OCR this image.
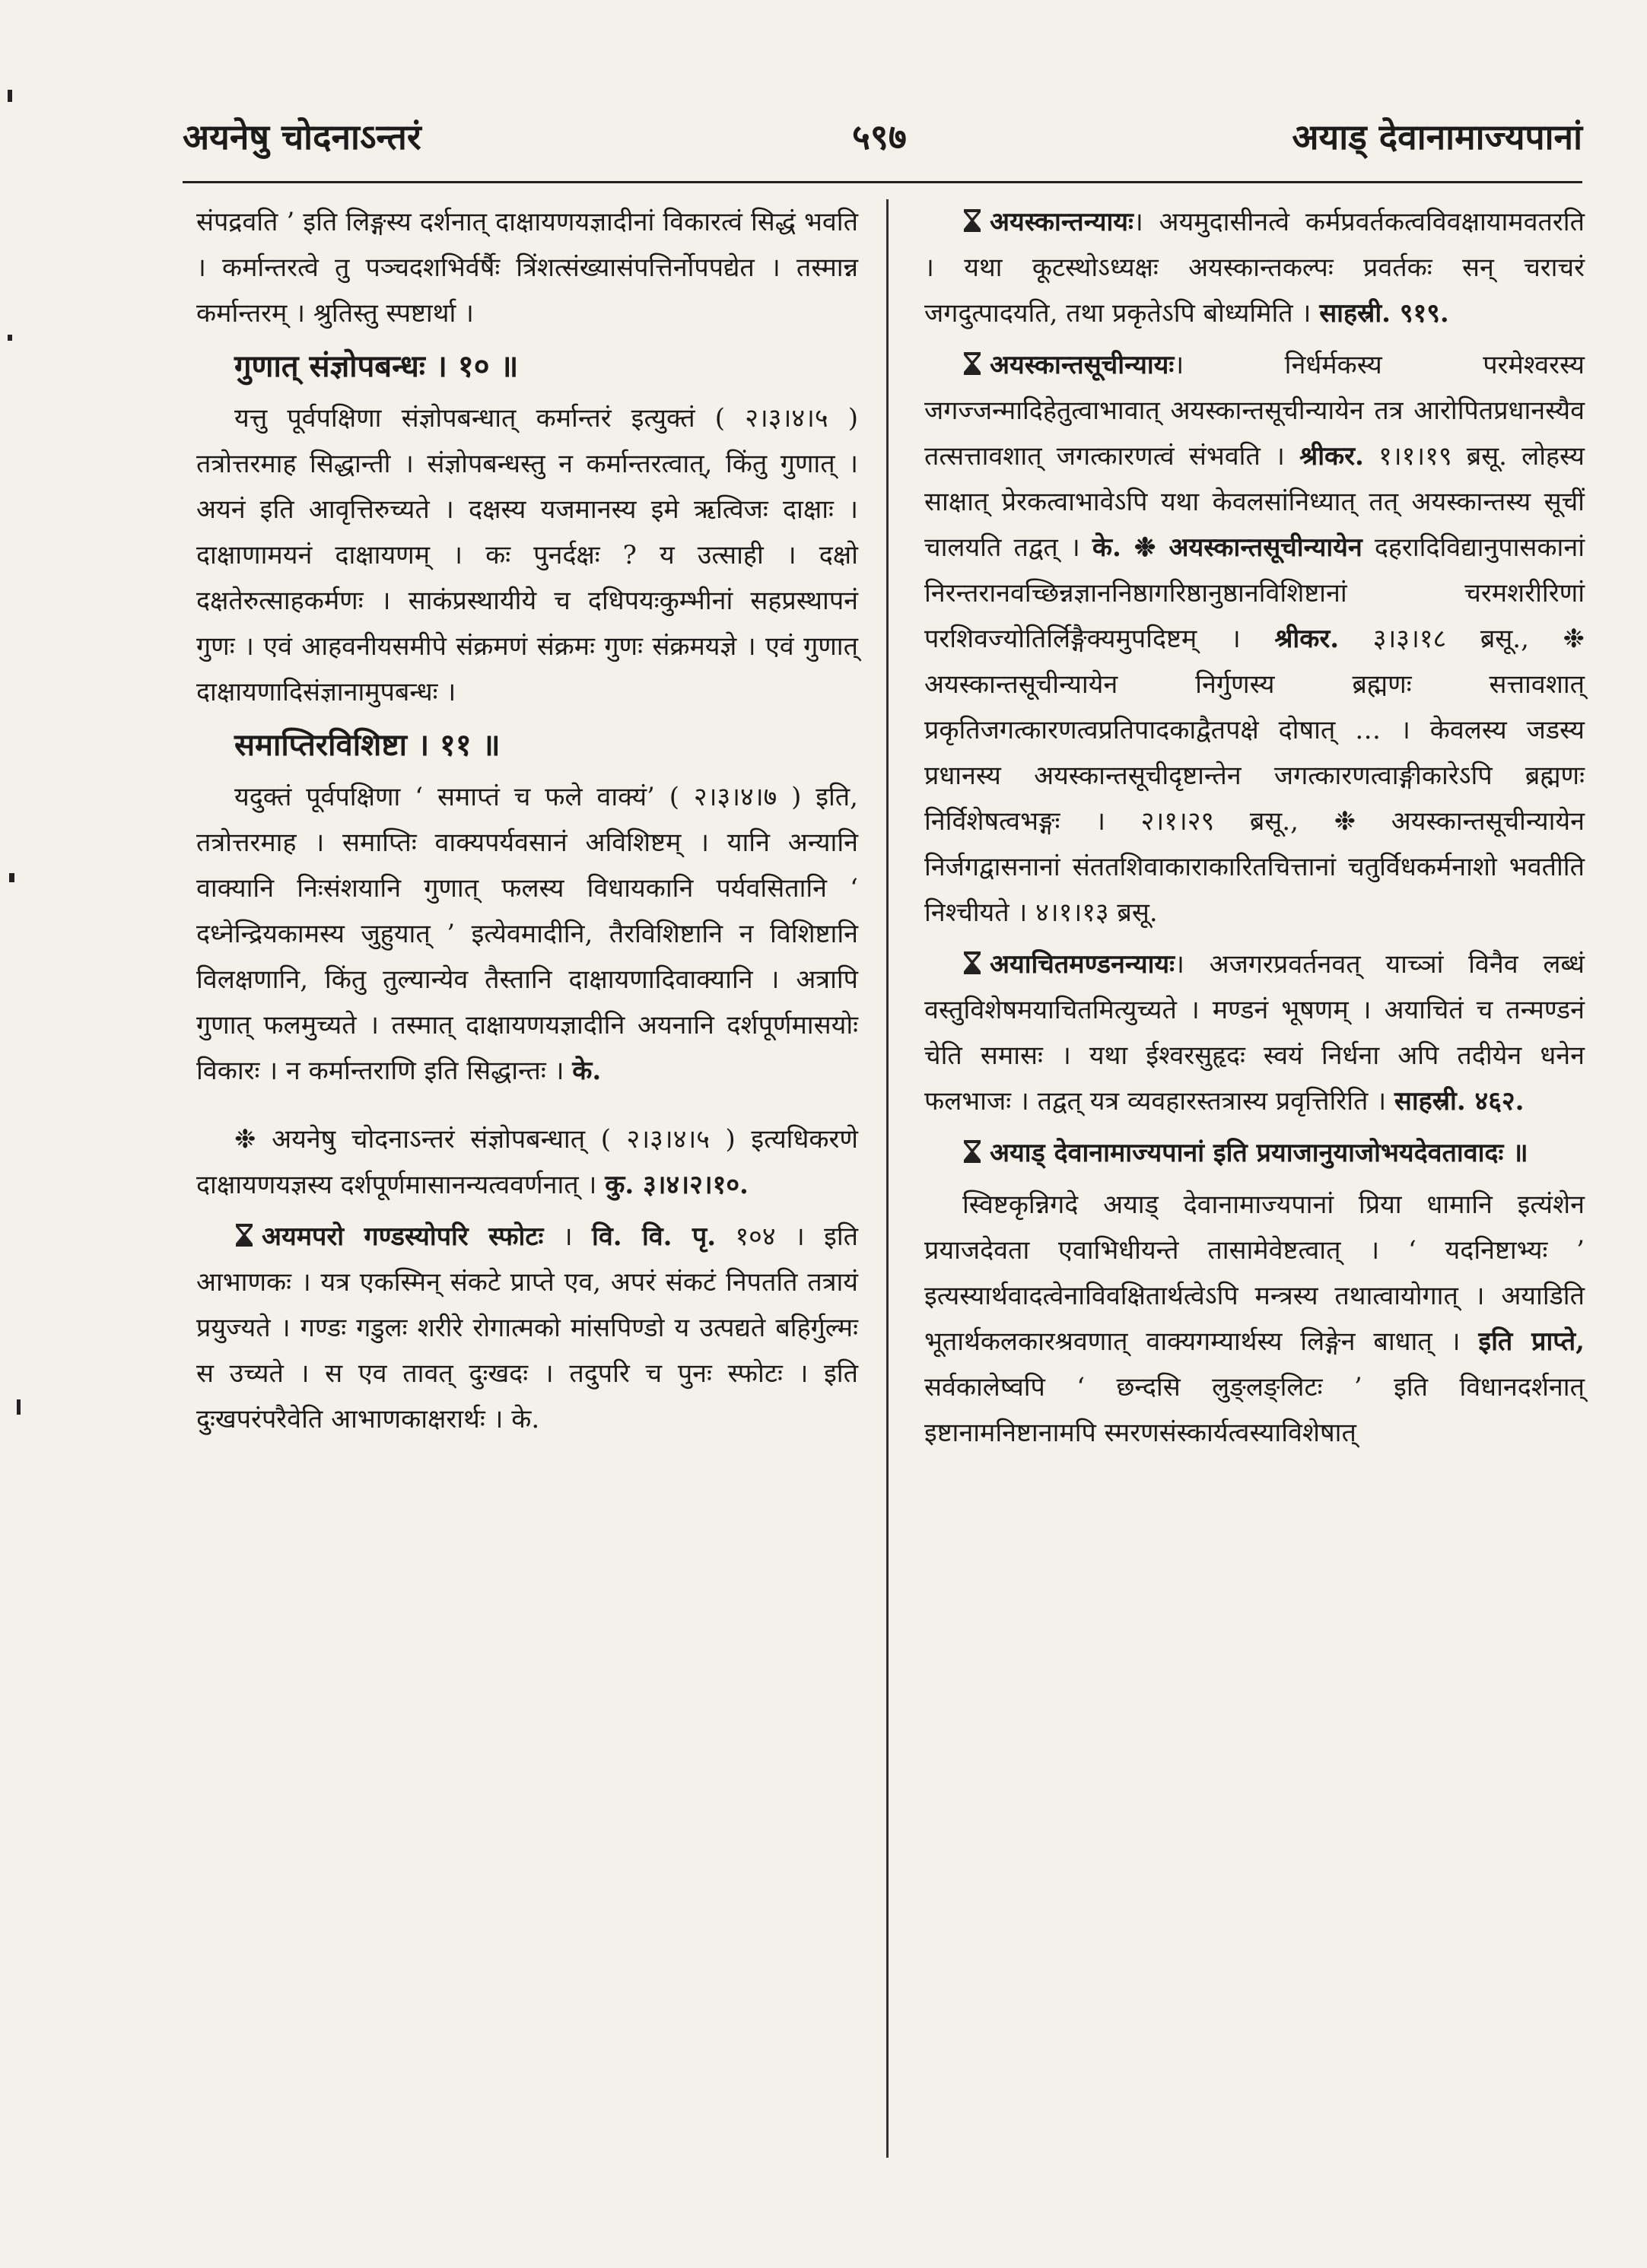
अयनेषु चोदनाऽन्तरं	५९७	अयाड् देवानामाज्यपानां

संपद्रवति ’ इति लिङ्गस्य दर्शनात् दाक्षायणयज्ञादीनां विकारत्वं सिद्धं भवति । कर्मान्तरत्वे तु पञ्चदशभिर्वर्षैः त्रिंशत्संख्यासंपत्तिर्नोपपद्येत । तस्मान्न कर्मान्तरम् । श्रुतिस्तु स्पष्टार्था ।

गुणात् संज्ञोपबन्धः । १० ॥

यत्तु पूर्वपक्षिणा संज्ञोपबन्धात् कर्मान्तरं इत्युक्तं ( २।३।४।५ ) तत्रोत्तरमाह सिद्धान्ती । संज्ञोपबन्धस्तु न कर्मान्तरत्वात्, किंतु गुणात् । अयनं इति आवृत्तिरुच्यते । दक्षस्य यजमानस्य इमे ऋत्विजः दाक्षाः । दाक्षाणामयनं दाक्षायणम् । कः पुनर्दक्षः ? य उत्साही । दक्षो दक्षतेरुत्साहकर्मणः । साकंप्रस्थायीये च दधिपयःकुम्भीनां सहप्रस्थापनं गुणः । एवं आहवनीयसमीपे संक्रमणं संक्रमः गुणः संक्रमयज्ञे । एवं गुणात् दाक्षायणादिसंज्ञानामुपबन्धः ।

समाप्तिरविशिष्टा । ११ ॥

यदुक्तं पूर्वपक्षिणा ‘ समाप्तं च फले वाक्यं’ ( २।३।४।७ ) इति, तत्रोत्तरमाह । समाप्तिः वाक्यपर्यवसानं अविशिष्टम् । यानि अन्यानि वाक्यानि निःसंशयानि गुणात् फलस्य विधायकानि पर्यवसितानि ‘ दध्नेन्द्रियकामस्य जुहुयात् ’ इत्येवमादीनि, तैरविशिष्टानि न विशिष्टानि विलक्षणानि, किंतु तुल्यान्येव तैस्तानि दाक्षायणादिवाक्यानि । अत्रापि गुणात् फलमुच्यते । तस्मात् दाक्षायणयज्ञादीनि अयनानि दर्शपूर्णमासयोः विकारः । न कर्मान्तराणि इति सिद्धान्तः । के.

❉ अयनेषु चोदनाऽन्तरं संज्ञोपबन्धात् ( २।३।४।५ ) इत्यधिकरणे दाक्षायणयज्ञस्य दर्शपूर्णमासानन्यत्ववर्णनात् । कु. ३।४।२।१०.

अयमपरो गण्डस्योपरि स्फोटः । वि. वि. पृ. १०४ । इति आभाणकः । यत्र एकस्मिन् संकटे प्राप्ते एव, अपरं संकटं निपतति तत्रायं प्रयुज्यते । गण्डः गडुलः शरीरे रोगात्मको मांसपिण्डो य उत्पद्यते बहिर्गुल्मः स उच्यते । स एव तावत् दुःखदः । तदुपरि च पुनः स्फोटः । इति दुःखपरंपरैवेति आभाणकाक्षरार्थः । के.

अयस्कान्तन्यायः। अयमुदासीनत्वे कर्मप्रवर्तकत्वविवक्षायामवतरति । यथा कूटस्थोऽध्यक्षः अयस्कान्तकल्पः प्रवर्तकः सन् चराचरं जगदुत्पादयति, तथा प्रकृतेऽपि बोध्यमिति । साहस्री. ९१९.

अयस्कान्तसूचीन्यायः। निर्धर्मकस्य परमेश्वरस्य जगज्जन्मादिहेतुत्वाभावात् अयस्कान्तसूचीन्यायेन तत्र आरोपितप्रधानस्यैव तत्सत्तावशात् जगत्कारणत्वं संभवति । श्रीकर. १।१।१९ ब्रसू. लोहस्य साक्षात् प्रेरकत्वाभावेऽपि यथा केवलसांनिध्यात् तत् अयस्कान्तस्य सूचीं चालयति तद्वत् । के. ❉ अयस्कान्तसूचीन्यायेन दहरादिविद्यानुपासकानां निरन्तरानवच्छिन्नज्ञाननिष्ठागरिष्ठानुष्ठानविशिष्टानां चरमशरीरिणां परशिवज्योतिर्लिङ्गैक्यमुपदिष्टम् । श्रीकर. ३।३।१८ ब्रसू., ❉ अयस्कान्तसूचीन्यायेन निर्गुणस्य ब्रह्मणः सत्तावशात् प्रकृतिजगत्कारणत्वप्रतिपादकाद्वैतपक्षे दोषात् … । केवलस्य जडस्य प्रधानस्य अयस्कान्तसूचीदृष्टान्तेन जगत्कारणत्वाङ्गीकारेऽपि ब्रह्मणः निर्विशेषत्वभङ्गः । २।१।२९ ब्रसू., ❉ अयस्कान्तसूचीन्यायेन निर्जगद्वासनानां संततशिवाकाराकारितचित्तानां चतुर्विधकर्मनाशो भवतीति निश्चीयते । ४।१।१३ ब्रसू.

अयाचितमण्डनन्यायः। अजगरप्रवर्तनवत् याच्ञां विनैव लब्धं वस्तुविशेषमयाचितमित्युच्यते । मण्डनं भूषणम् । अयाचितं च तन्मण्डनं चेति समासः । यथा ईश्वरसुहृदः स्वयं निर्धना अपि तदीयेन धनेन फलभाजः । तद्वत् यत्र व्यवहारस्तत्रास्य प्रवृत्तिरिति । साहस्री. ४६२.

अयाड् देवानामाज्यपानां इति प्रयाजानुयाजोभयदेवतावादः ॥

स्विष्टकृन्निगदे अयाड् देवानामाज्यपानां प्रिया धामानि इत्यंशेन प्रयाजदेवता एवाभिधीयन्ते तासामेवेष्टत्वात् । ‘ यदनिष्टाभ्यः ’ इत्यस्यार्थवादत्वेनाविवक्षितार्थत्वेऽपि मन्त्रस्य तथात्वायोगात् । अयाडिति भूतार्थकलकारश्रवणात् वाक्यगम्यार्थस्य लिङ्गेन बाधात् । इति प्राप्ते, सर्वकालेष्वपि ‘ छन्दसि लुङ्लङ्लिटः ’ इति विधानदर्शनात् इष्टानामनिष्टानामपि स्मरणसंस्कार्यत्वस्याविशेषात्
